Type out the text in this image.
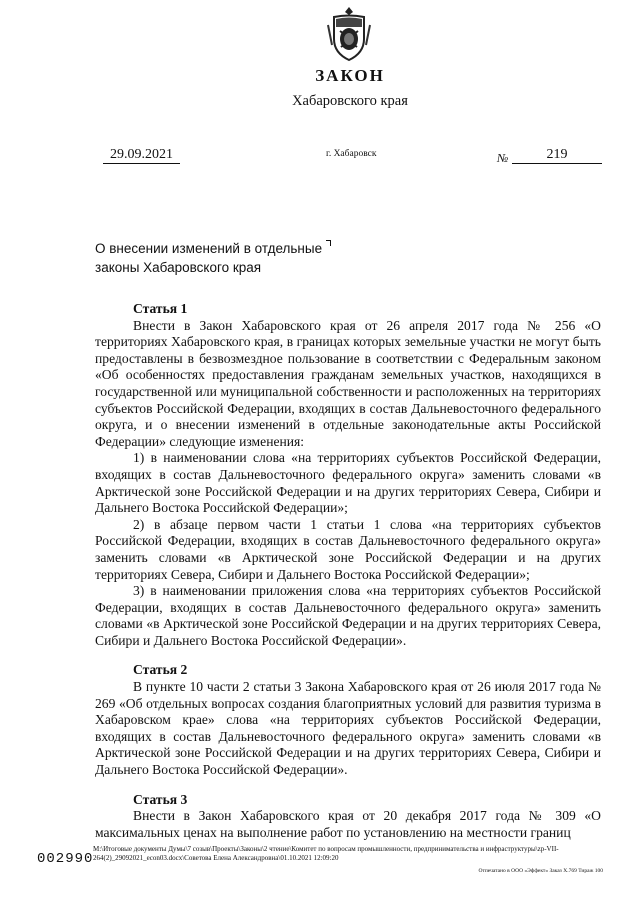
ЗАКОН
Хабаровского края
29.09.2021	г. Хабаровск	№	219
О внесении изменений в отдельные
законы Хабаровского края

Статья 1

Внести в Закон Хабаровского края от 26 апреля 2017 года № 256 «О территориях Хабаровского края, в границах которых земельные участки не могут быть предоставлены в безвозмездное пользование в соответствии с Федеральным законом «Об особенностях предоставления гражданам земельных участков, находящихся в государственной или муниципальной собственности и расположенных на территориях субъектов Российской Федерации, входящих в состав Дальневосточного федерального округа, и о внесении изменений в отдельные законодательные акты Российской Федерации» следующие изменения:

1) в наименовании слова «на территориях субъектов Российской Федерации, входящих в состав Дальневосточного федерального округа» заменить словами «в Арктической зоне Российской Федерации и на других территориях Севера, Сибири и Дальнего Востока Российской Федерации»;

2) в абзаце первом части 1 статьи 1 слова «на территориях субъектов Российской Федерации, входящих в состав Дальневосточного федерального округа» заменить словами «в Арктической зоне Российской Федерации и на других территориях Севера, Сибири и Дальнего Востока Российской Федерации»;

3) в наименовании приложения слова «на территориях субъектов Российской Федерации, входящих в состав Дальневосточного федерального округа» заменить словами «в Арктической зоне Российской Федерации и на других территориях Севера, Сибири и Дальнего Востока Российской Федерации».

Статья 2

В пункте 10 части 2 статьи 3 Закона Хабаровского края от 26 июля 2017 года № 269 «Об отдельных вопросах создания благоприятных условий для развития туризма в Хабаровском крае» слова «на территориях субъектов Российской Федерации, входящих в состав Дальневосточного федерального округа» заменить словами «в Арктической зоне Российской Федерации и на других территориях Севера, Сибири и Дальнего Востока Российской Федерации».

Статья 3

Внести в Закон Хабаровского края от 20 декабря 2017 года № 309 «О максимальных ценах на выполнение работ по установлению на местности границ

002990
M:\Итоговые документы Думы\7 созыв\Проекты\Законы\2 чтение\Комитет по вопросам промышленности, предпринимательства и инфраструктуры\zp-VII-264(2)_29092021_econ03.docx\Советова Елена Александровна\01.10.2021 12:09:20
Отпечатано в ООО «Эффект» Заказ Х.769 Тираж 100
